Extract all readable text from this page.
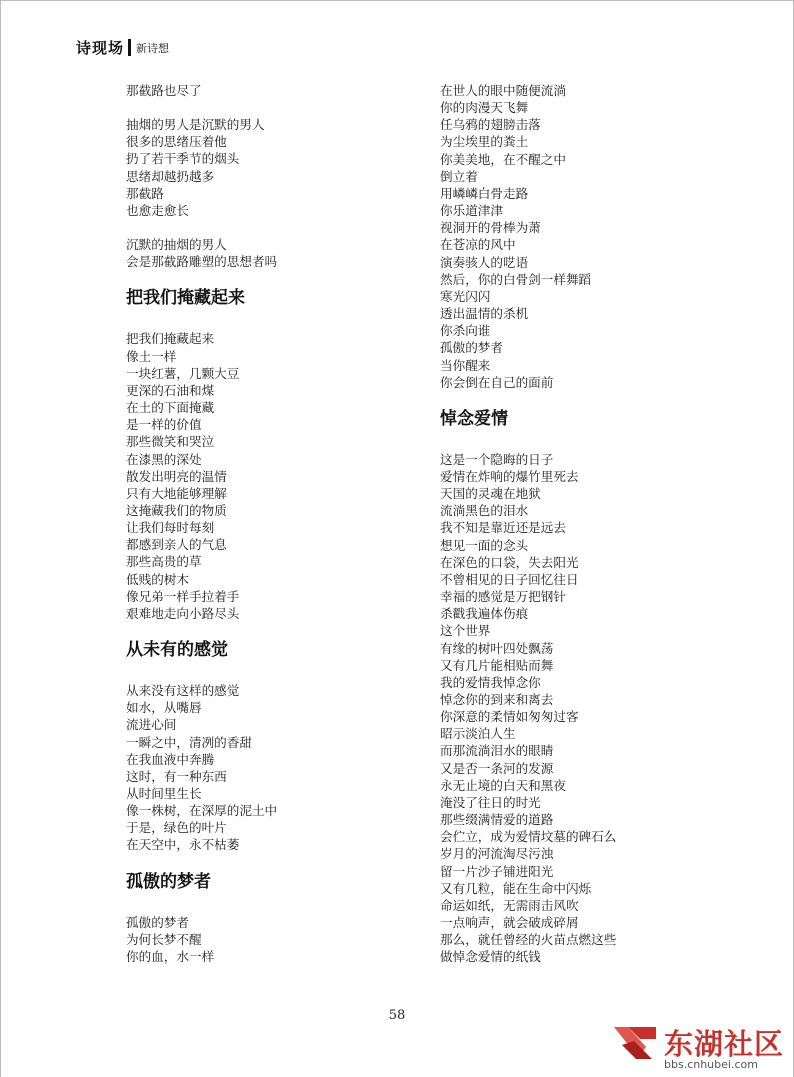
诗现场 新诗想
那截路也尽了
抽烟的男人是沉默的男人
很多的思绪压着他
扔了若干季节的烟头
思绪却越扔越多
那截路
也愈走愈长
沉默的抽烟的男人
会是那截路雕塑的思想者吗
把我们掩藏起来
把我们掩藏起来
像土一样
一块红薯，几颗大豆
更深的石油和煤
在土的下面掩藏
是一样的价值
那些微笑和哭泣
在漆黑的深处
散发出明亮的温情
只有大地能够理解
这掩藏我们的物质
让我们每时每刻
都感到亲人的气息
那些高贵的草
低贱的树木
像兄弟一样手拉着手
艰难地走向小路尽头
从未有的感觉
从来没有这样的感觉
如水，从嘴唇
流进心间
一瞬之中，清冽的香甜
在我血液中奔腾
这时，有一种东西
从时间里生长
像一株树，在深厚的泥土中
于是，绿色的叶片
在天空中，永不枯萎
孤傲的梦者
孤傲的梦者
为何长梦不醒
你的血，水一样
在世人的眼中随便流淌
你的肉漫天飞舞
任乌鸦的翅膀击落
为尘埃里的粪土
你美美地，在不醒之中
倒立着
用嶙嶙白骨走路
你乐道津津
视洞开的骨棒为萧
在苍凉的风中
演奏骇人的呓语
然后，你的白骨剑一样舞蹈
寒光闪闪
透出温情的杀机
你杀向谁
孤傲的梦者
当你醒来
你会倒在自己的面前
悼念爱情
这是一个隐晦的日子
爱情在炸响的爆竹里死去
天国的灵魂在地狱
流淌黑色的泪水
我不知是靠近还是远去
想见一面的念头
在深色的口袋，失去阳光
不曾相见的日子回忆往日
幸福的感觉是万把钢针
杀戳我遍体伤痕
这个世界
有缘的树叶四处飘荡
又有几片能相贴而舞
我的爱情我悼念你
悼念你的到来和离去
你深意的柔情如匆匆过客
昭示淡泊人生
而那流淌泪水的眼睛
又是否一条河的发源
永无止境的白天和黑夜
淹没了往日的时光
那些缀满情爱的道路
会伫立，成为爱情坟墓的碑石么
岁月的河流淘尽污浊
留一片沙子铺进阳光
又有几粒，能在生命中闪烁
命运如纸，无需雨击风吹
一点响声，就会破成碎屑
那么，就任曾经的火苗点燃这些
做悼念爱情的纸钱
58
东湖社区
bbs.cnhubei.com
